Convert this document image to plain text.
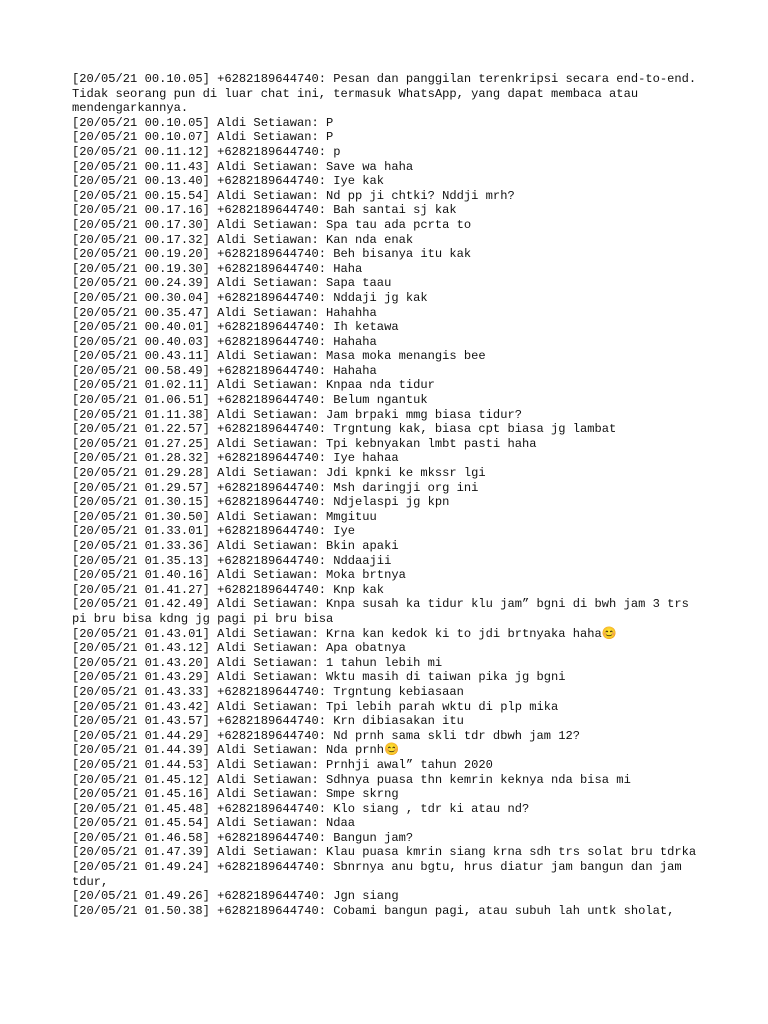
[20/05/21 00.10.05] +6282189644740: Pesan dan panggilan terenkripsi secara end-to-end. Tidak seorang pun di luar chat ini, termasuk WhatsApp, yang dapat membaca atau mendengarkannya.
[20/05/21 00.10.05] Aldi Setiawan: P
[20/05/21 00.10.07] Aldi Setiawan: P
[20/05/21 00.11.12] +6282189644740: p
[20/05/21 00.11.43] Aldi Setiawan: Save wa haha
[20/05/21 00.13.40] +6282189644740: Iye kak
[20/05/21 00.15.54] Aldi Setiawan: Nd pp ji chtki? Nddji mrh?
[20/05/21 00.17.16] +6282189644740: Bah santai sj kak
[20/05/21 00.17.30] Aldi Setiawan: Spa tau ada pcrta to
[20/05/21 00.17.32] Aldi Setiawan: Kan nda enak
[20/05/21 00.19.20] +6282189644740: Beh bisanya itu kak
[20/05/21 00.19.30] +6282189644740: Haha
[20/05/21 00.24.39] Aldi Setiawan: Sapa taau
[20/05/21 00.30.04] +6282189644740: Nddaji jg kak
[20/05/21 00.35.47] Aldi Setiawan: Hahahha
[20/05/21 00.40.01] +6282189644740: Ih ketawa
[20/05/21 00.40.03] +6282189644740: Hahaha
[20/05/21 00.43.11] Aldi Setiawan: Masa moka menangis bee
[20/05/21 00.58.49] +6282189644740: Hahaha
[20/05/21 01.02.11] Aldi Setiawan: Knpaa nda tidur
[20/05/21 01.06.51] +6282189644740: Belum ngantuk
[20/05/21 01.11.38] Aldi Setiawan: Jam brpaki mmg biasa tidur?
[20/05/21 01.22.57] +6282189644740: Trgntung kak, biasa cpt biasa jg lambat
[20/05/21 01.27.25] Aldi Setiawan: Tpi kebnyakan lmbt pasti haha
[20/05/21 01.28.32] +6282189644740: Iye hahaa
[20/05/21 01.29.28] Aldi Setiawan: Jdi kpnki ke mkssr lgi
[20/05/21 01.29.57] +6282189644740: Msh daringji org ini
[20/05/21 01.30.15] +6282189644740: Ndjelaspi jg kpn
[20/05/21 01.30.50] Aldi Setiawan: Mmgituu
[20/05/21 01.33.01] +6282189644740: Iye
[20/05/21 01.33.36] Aldi Setiawan: Bkin apaki
[20/05/21 01.35.13] +6282189644740: Nddaajii
[20/05/21 01.40.16] Aldi Setiawan: Moka brtnya
[20/05/21 01.41.27] +6282189644740: Knp kak
[20/05/21 01.42.49] Aldi Setiawan: Knpa susah ka tidur klu jam” bgni di bwh jam 3 trs pi bru bisa kdng jg pagi pi bru bisa
[20/05/21 01.43.01] Aldi Setiawan: Krna kan kedok ki to jdi brtnyaka haha😊
[20/05/21 01.43.12] Aldi Setiawan: Apa obatnya
[20/05/21 01.43.20] Aldi Setiawan: 1 tahun lebih mi
[20/05/21 01.43.29] Aldi Setiawan: Wktu masih di taiwan pika jg bgni
[20/05/21 01.43.33] +6282189644740: Trgntung kebiasaan
[20/05/21 01.43.42] Aldi Setiawan: Tpi lebih parah wktu di plp mika
[20/05/21 01.43.57] +6282189644740: Krn dibiasakan itu
[20/05/21 01.44.29] +6282189644740: Nd prnh sama skli tdr dbwh jam 12?
[20/05/21 01.44.39] Aldi Setiawan: Nda prnh😊
[20/05/21 01.44.53] Aldi Setiawan: Prnhji awal” tahun 2020
[20/05/21 01.45.12] Aldi Setiawan: Sdhnya puasa thn kemrin keknya nda bisa mi
[20/05/21 01.45.16] Aldi Setiawan: Smpe skrng
[20/05/21 01.45.48] +6282189644740: Klo siang , tdr ki atau nd?
[20/05/21 01.45.54] Aldi Setiawan: Ndaa
[20/05/21 01.46.58] +6282189644740: Bangun jam?
[20/05/21 01.47.39] Aldi Setiawan: Klau puasa kmrin siang krna sdh trs solat bru tdrka
[20/05/21 01.49.24] +6282189644740: Sbnrnya anu bgtu, hrus diatur jam bangun dan jam tdur,
[20/05/21 01.49.26] +6282189644740: Jgn siang
[20/05/21 01.50.38] +6282189644740: Cobami bangun pagi, atau subuh lah untk sholat,
